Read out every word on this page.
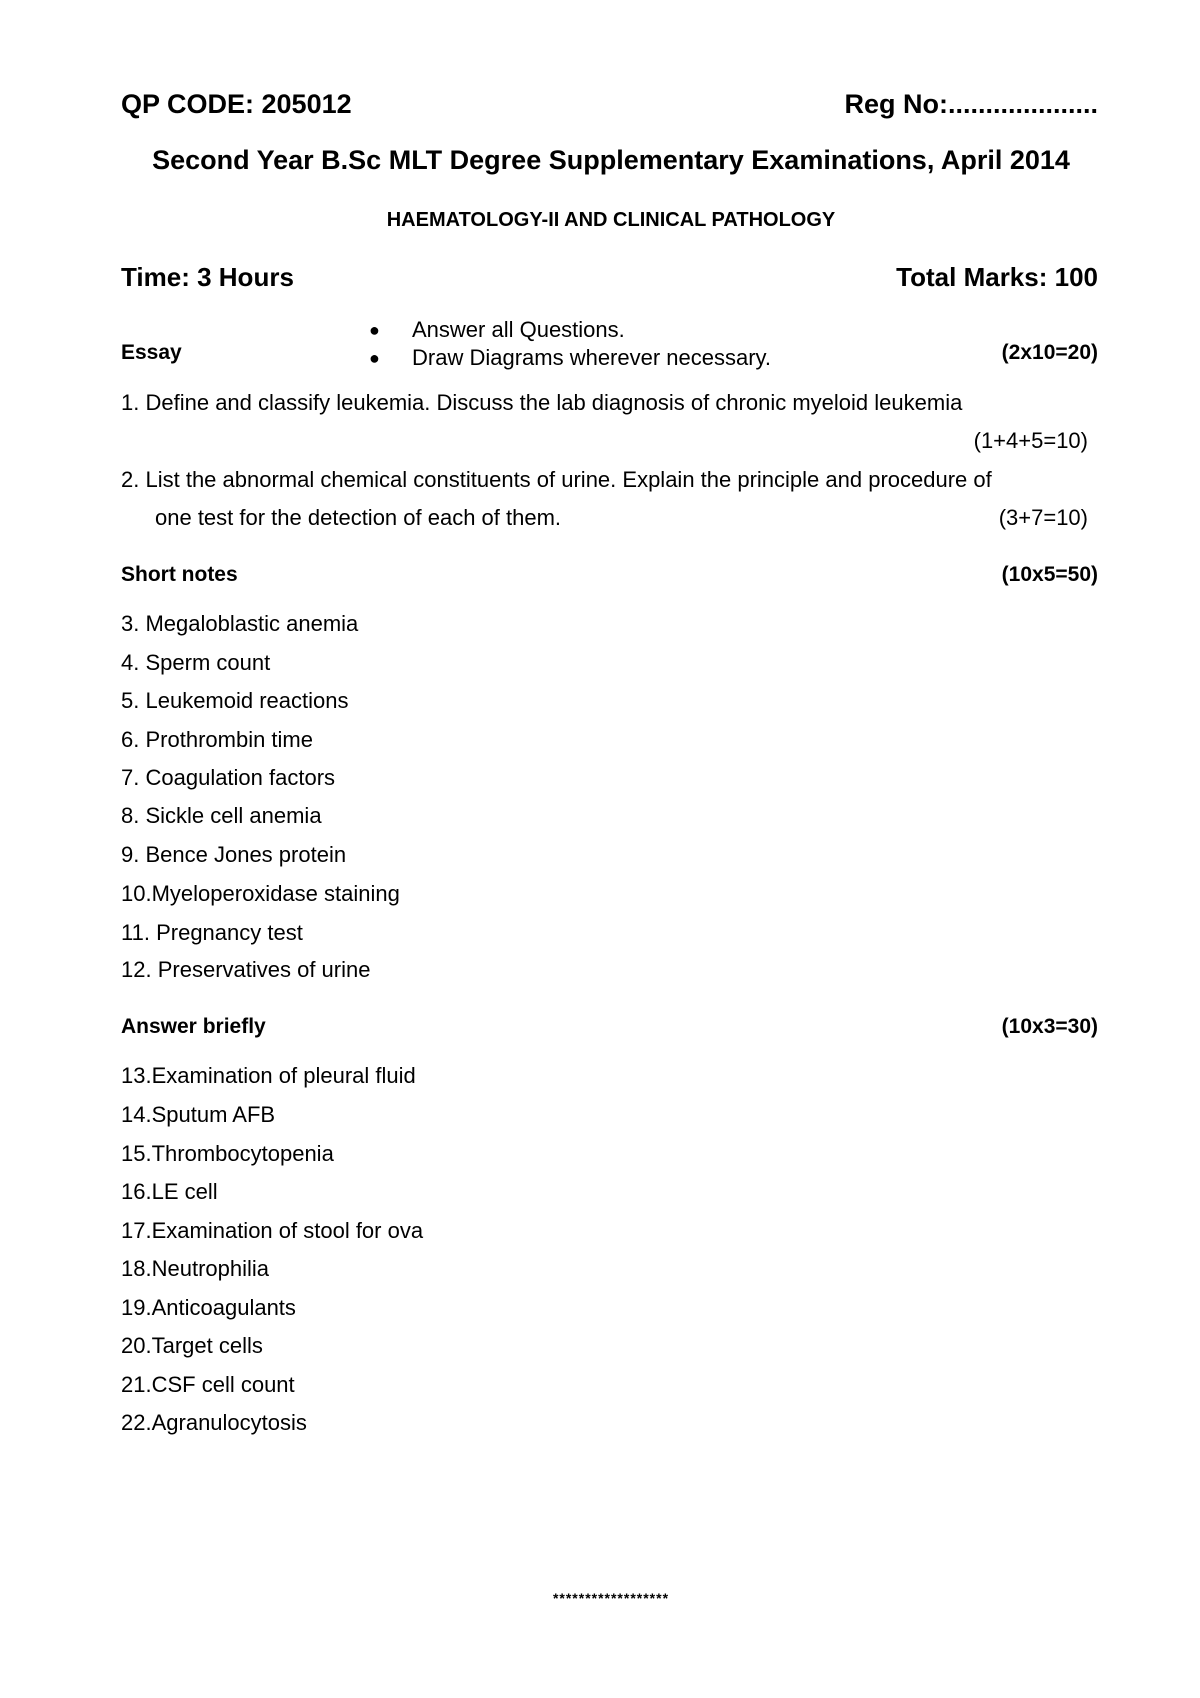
QP CODE: 205012	Reg No:....................
Second Year B.Sc MLT Degree Supplementary Examinations, April 2014
HAEMATOLOGY-II AND CLINICAL PATHOLOGY
Time: 3 Hours	Total Marks: 100
●	Answer all Questions.
●	Draw Diagrams wherever necessary.
Essay	(2x10=20)
1. Define and classify leukemia. Discuss the lab diagnosis of chronic myeloid leukemia
(1+4+5=10)
2. List the abnormal chemical constituents of urine. Explain the principle and procedure of
one test for the detection of each of them.	(3+7=10)
Short notes	(10x5=50)
3. Megaloblastic anemia
4. Sperm count
5. Leukemoid reactions
6. Prothrombin time
7. Coagulation factors
8. Sickle cell anemia
9. Bence Jones protein
10.Myeloperoxidase staining
11. Pregnancy test
12. Preservatives of urine
Answer briefly	(10x3=30)
13.Examination of pleural fluid
14.Sputum AFB
15.Thrombocytopenia
16.LE cell
17.Examination of stool for ova
18.Neutrophilia
19.Anticoagulants
20.Target cells
21.CSF cell count
22.Agranulocytosis
******************
